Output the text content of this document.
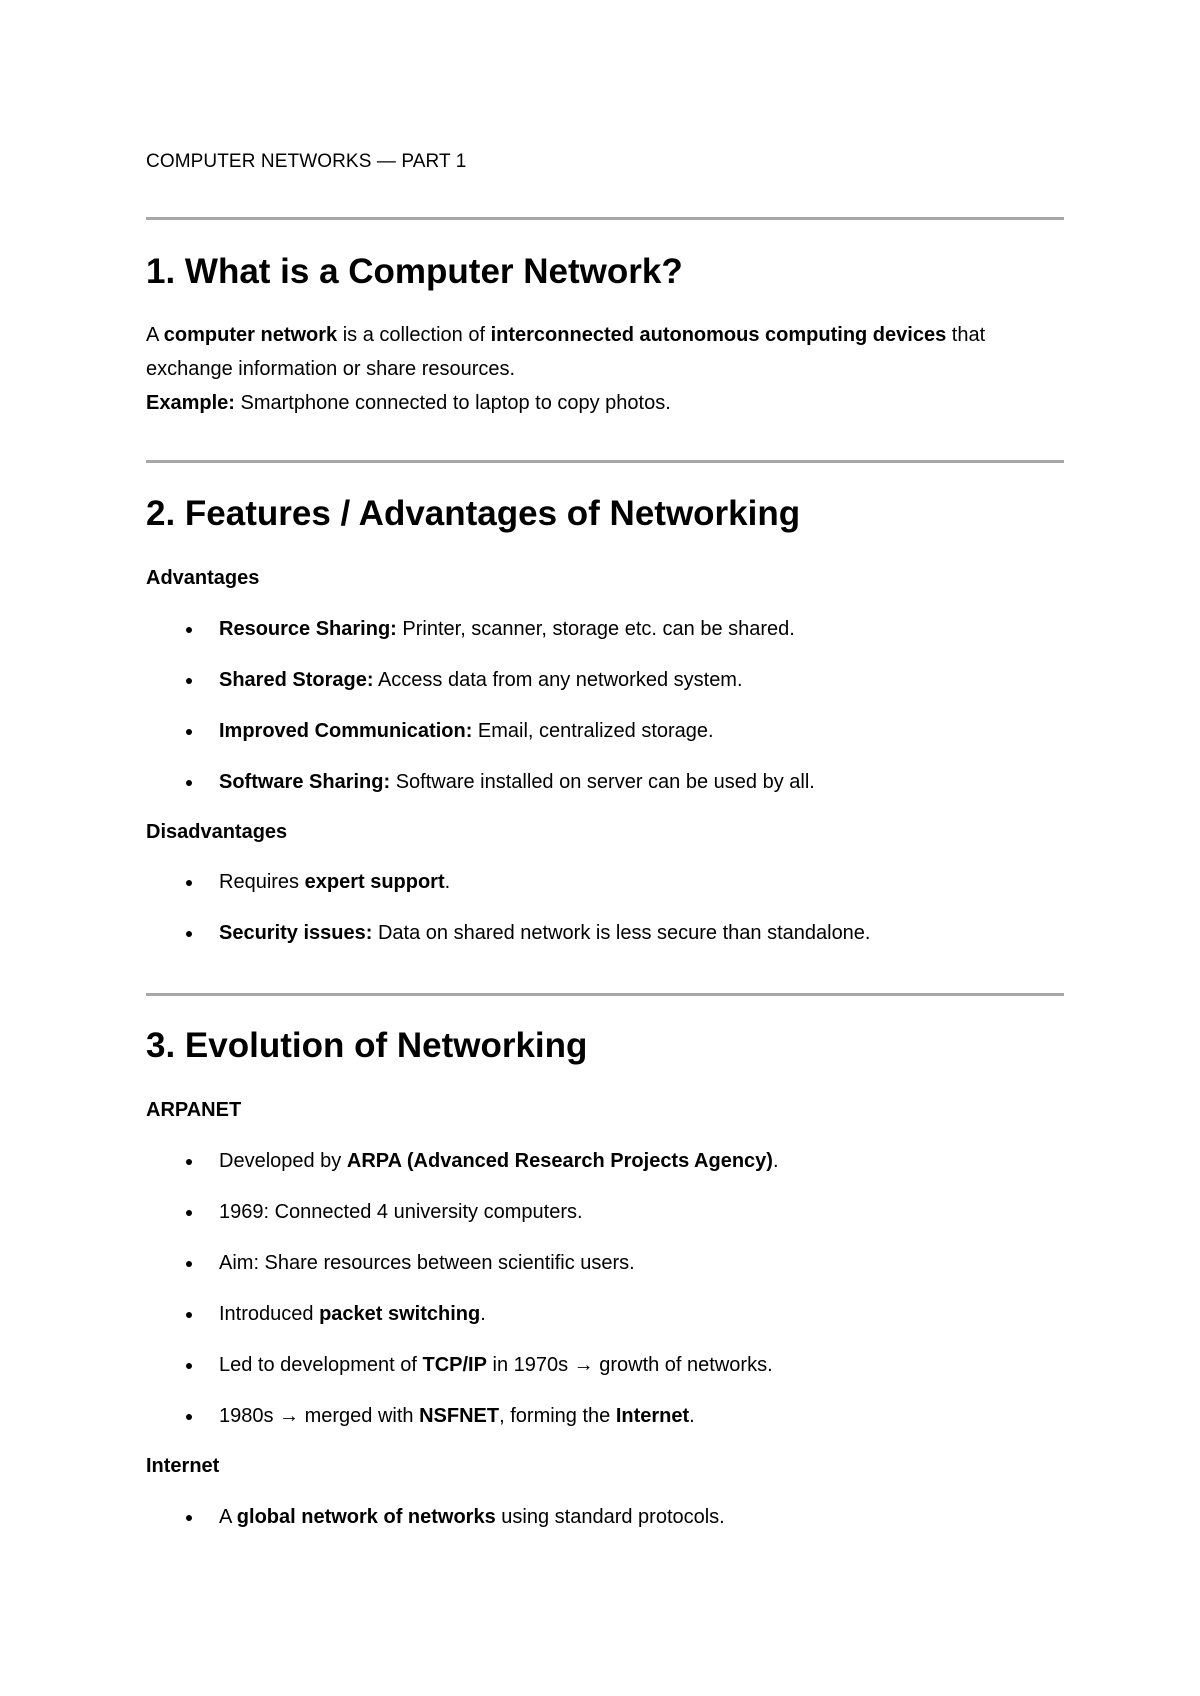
COMPUTER NETWORKS — PART 1
1. What is a Computer Network?

A computer network is a collection of interconnected autonomous computing devices that exchange information or share resources.
Example: Smartphone connected to laptop to copy photos.

2. Features / Advantages of Networking
Advantages
Resource Sharing: Printer, scanner, storage etc. can be shared.
Shared Storage: Access data from any networked system.
Improved Communication: Email, centralized storage.
Software Sharing: Software installed on server can be used by all.
Disadvantages
Requires expert support.
Security issues: Data on shared network is less secure than standalone.
3. Evolution of Networking
ARPANET
Developed by ARPA (Advanced Research Projects Agency).
1969: Connected 4 university computers.
Aim: Share resources between scientific users.
Introduced packet switching.
Led to development of TCP/IP in 1970s → growth of networks.
1980s → merged with NSFNET, forming the Internet.
Internet
A global network of networks using standard protocols.
